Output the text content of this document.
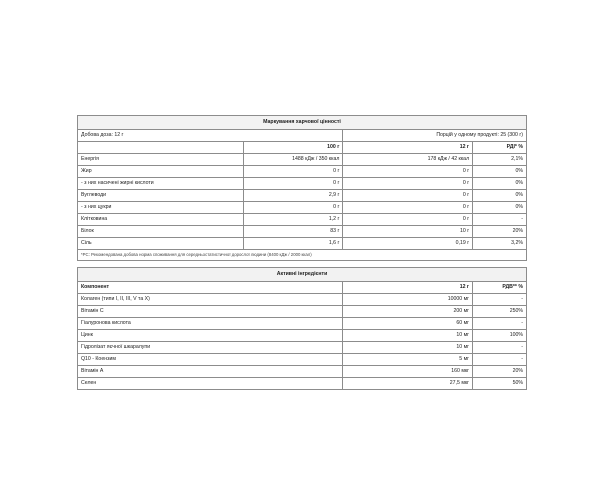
Маркування харчової цінності			
Добова доза: 12 г		Порцій у одному продукті: 25 (300 г)	
	100 г	12 г	РДІ* %
Енергія	1488 кДж / 350 ккал	178 кДж / 42 ккал	2,1%
Жир	0 г	0 г	0%
- з них насичені жирні кислоти	0 г	0 г	0%
Вуглеводи	2,9 г	0 г	0%
- з них цукри	0 г	0 г	0%
Клітковина	1,2 г	0 г	-
Білок	83 г	10 г	20%
Сіль	1,6 г	0,19 г	3,2%
*РС: Рекомендована добова норма споживання для середньостатистичної дорослої людини (8400 кДж / 2000 ккал)			
Активні інгредієнти		
Компонент	12 г	РДВ** %
Колаген (типи I, II, III, V та X)	10000 мг	-
Вітамін C	200 мг	250%
Гіалуронова кислота	60 мг	-
Цинк	10 мг	100%
Гідролізат яєчної шкаралупи	10 мг	-
Q10 - Коензим	5 мг	-
Вітамін А	160 мкг	20%
Селен	27,5 мкг	50%
